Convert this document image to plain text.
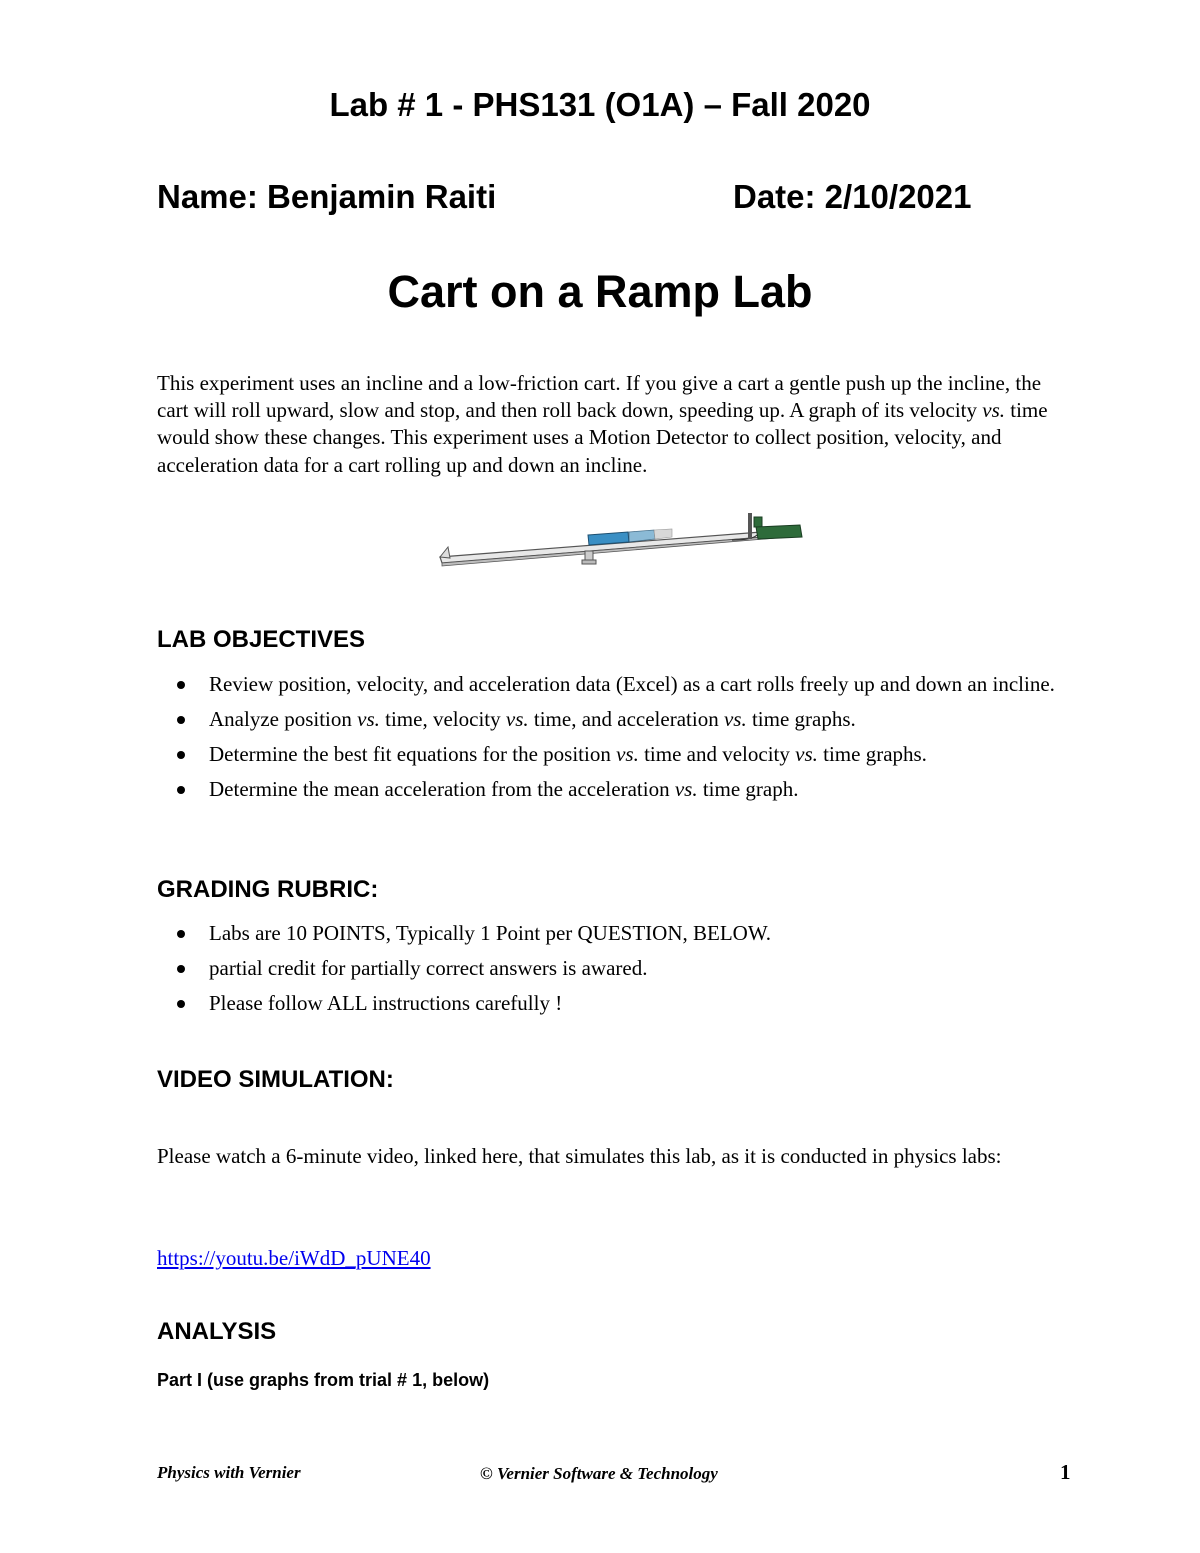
Lab # 1 - PHS131 (O1A) – Fall 2020
Name: Benjamin Raiti	Date: 2/10/2021
Cart on a Ramp Lab
This experiment uses an incline and a low-friction cart. If you give a cart a gentle push up the incline, the cart will roll upward, slow and stop, and then roll back down, speeding up. A graph of its velocity vs. time would show these changes. This experiment uses a Motion Detector to collect position, velocity, and acceleration data for a cart rolling up and down an incline.
LAB OBJECTIVES
Review position, velocity, and acceleration data (Excel) as a cart rolls freely up and down an incline.
Analyze position vs. time, velocity vs. time, and acceleration vs. time graphs.
Determine the best fit equations for the position vs. time and velocity vs. time graphs.
Determine the mean acceleration from the acceleration vs. time graph.
GRADING RUBRIC:
Labs are 10 POINTS, Typically 1 Point per QUESTION, BELOW.
partial credit for partially correct answers is awared.
Please follow ALL instructions carefully !
VIDEO SIMULATION:
Please watch a 6-minute video, linked here, that simulates this lab, as it is conducted in physics labs:
https://youtu.be/iWdD_pUNE40
ANALYSIS
Part I (use graphs from trial # 1, below)
Physics with Vernier	© Vernier Software & Technology	1
